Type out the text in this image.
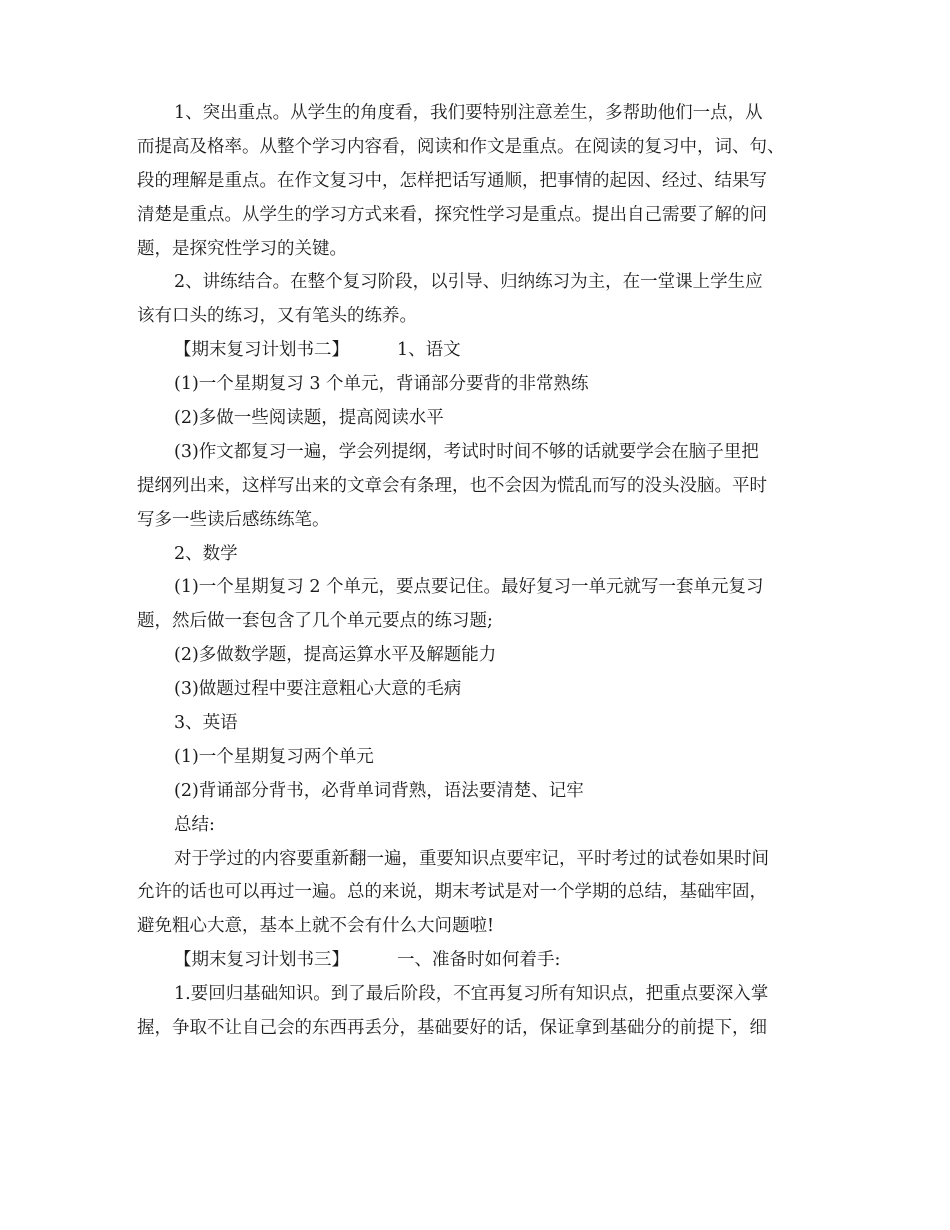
1、突出重点。从学生的角度看，我们要特别注意差生，多帮助他们一点，从
而提高及格率。从整个学习内容看，阅读和作文是重点。在阅读的复习中，词、句、
段的理解是重点。在作文复习中，怎样把话写通顺，把事情的起因、经过、结果写
清楚是重点。从学生的学习方式来看，探究性学习是重点。提出自己需要了解的问
题，是探究性学习的关键。
2、讲练结合。在整个复习阶段，以引导、归纳练习为主，在一堂课上学生应
该有口头的练习，又有笔头的练养。
【期末复习计划书二】	1、语文
(1)一个星期复习 3 个单元，背诵部分要背的非常熟练
(2)多做一些阅读题，提高阅读水平
(3)作文都复习一遍，学会列提纲，考试时时间不够的话就要学会在脑子里把
提纲列出来，这样写出来的文章会有条理，也不会因为慌乱而写的没头没脑。平时
写多一些读后感练练笔。
2、数学
(1)一个星期复习 2 个单元，要点要记住。最好复习一单元就写一套单元复习
题，然后做一套包含了几个单元要点的练习题;
(2)多做数学题，提高运算水平及解题能力
(3)做题过程中要注意粗心大意的毛病
3、英语
(1)一个星期复习两个单元
(2)背诵部分背书，必背单词背熟，语法要清楚、记牢
总结:
对于学过的内容要重新翻一遍，重要知识点要牢记，平时考过的试卷如果时间
允许的话也可以再过一遍。总的来说，期末考试是对一个学期的总结，基础牢固，
避免粗心大意，基本上就不会有什么大问题啦!
【期末复习计划书三】	一、准备时如何着手:
1.要回归基础知识。到了最后阶段，不宜再复习所有知识点，把重点要深入掌
握，争取不让自己会的东西再丢分，基础要好的话，保证拿到基础分的前提下，细
